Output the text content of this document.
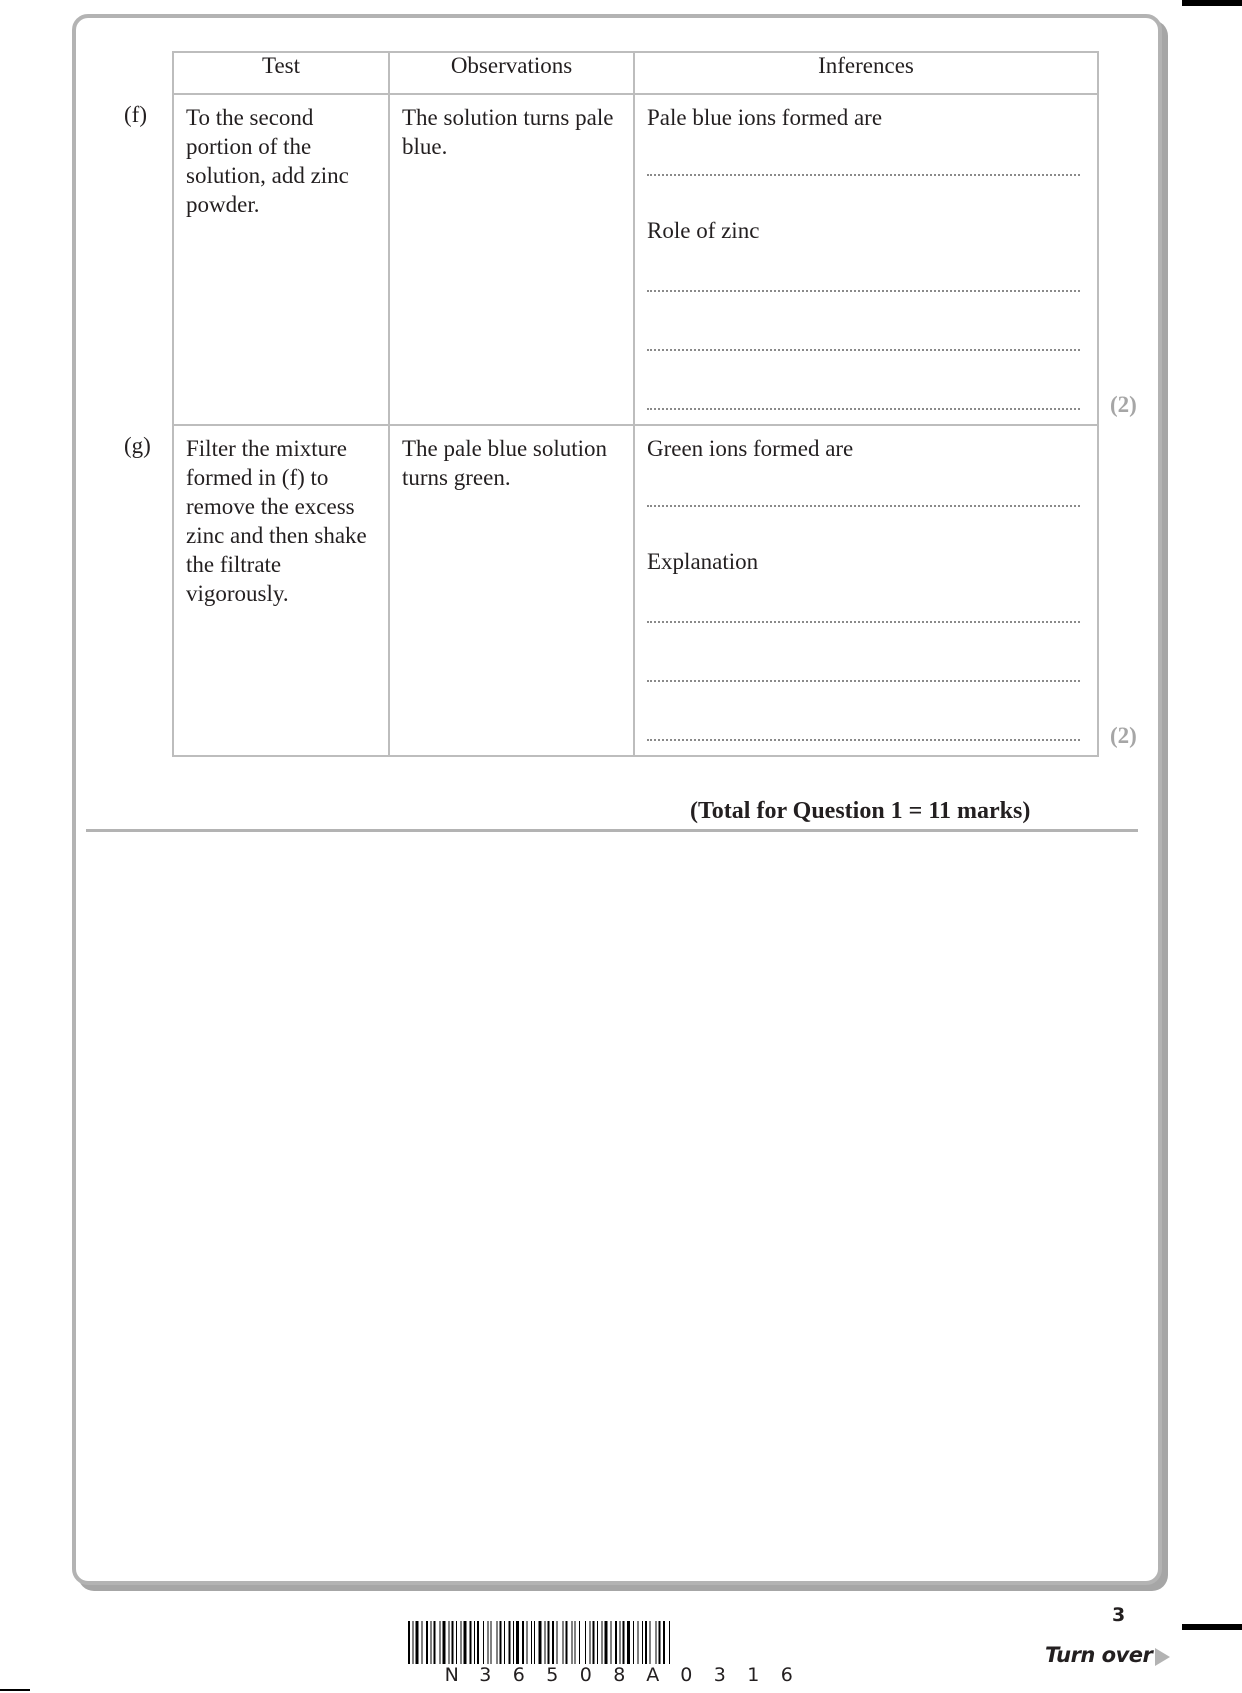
(f)
(g)
Test	Observations	Inferences
To the second portion of the solution, add zinc powder.	The solution turns pale blue.	Pale blue ions formed are
Role of zinc

Filter the mixture formed in (f) to remove the excess zinc and then shake the filtrate vigorously.	The pale blue solution turns green.	Green ions formed are
Explanation
(2)
(2)
(Total for Question 1 = 11 marks)
3
N 3 6 5 0 8 A 0 3 1 6
Turn over
